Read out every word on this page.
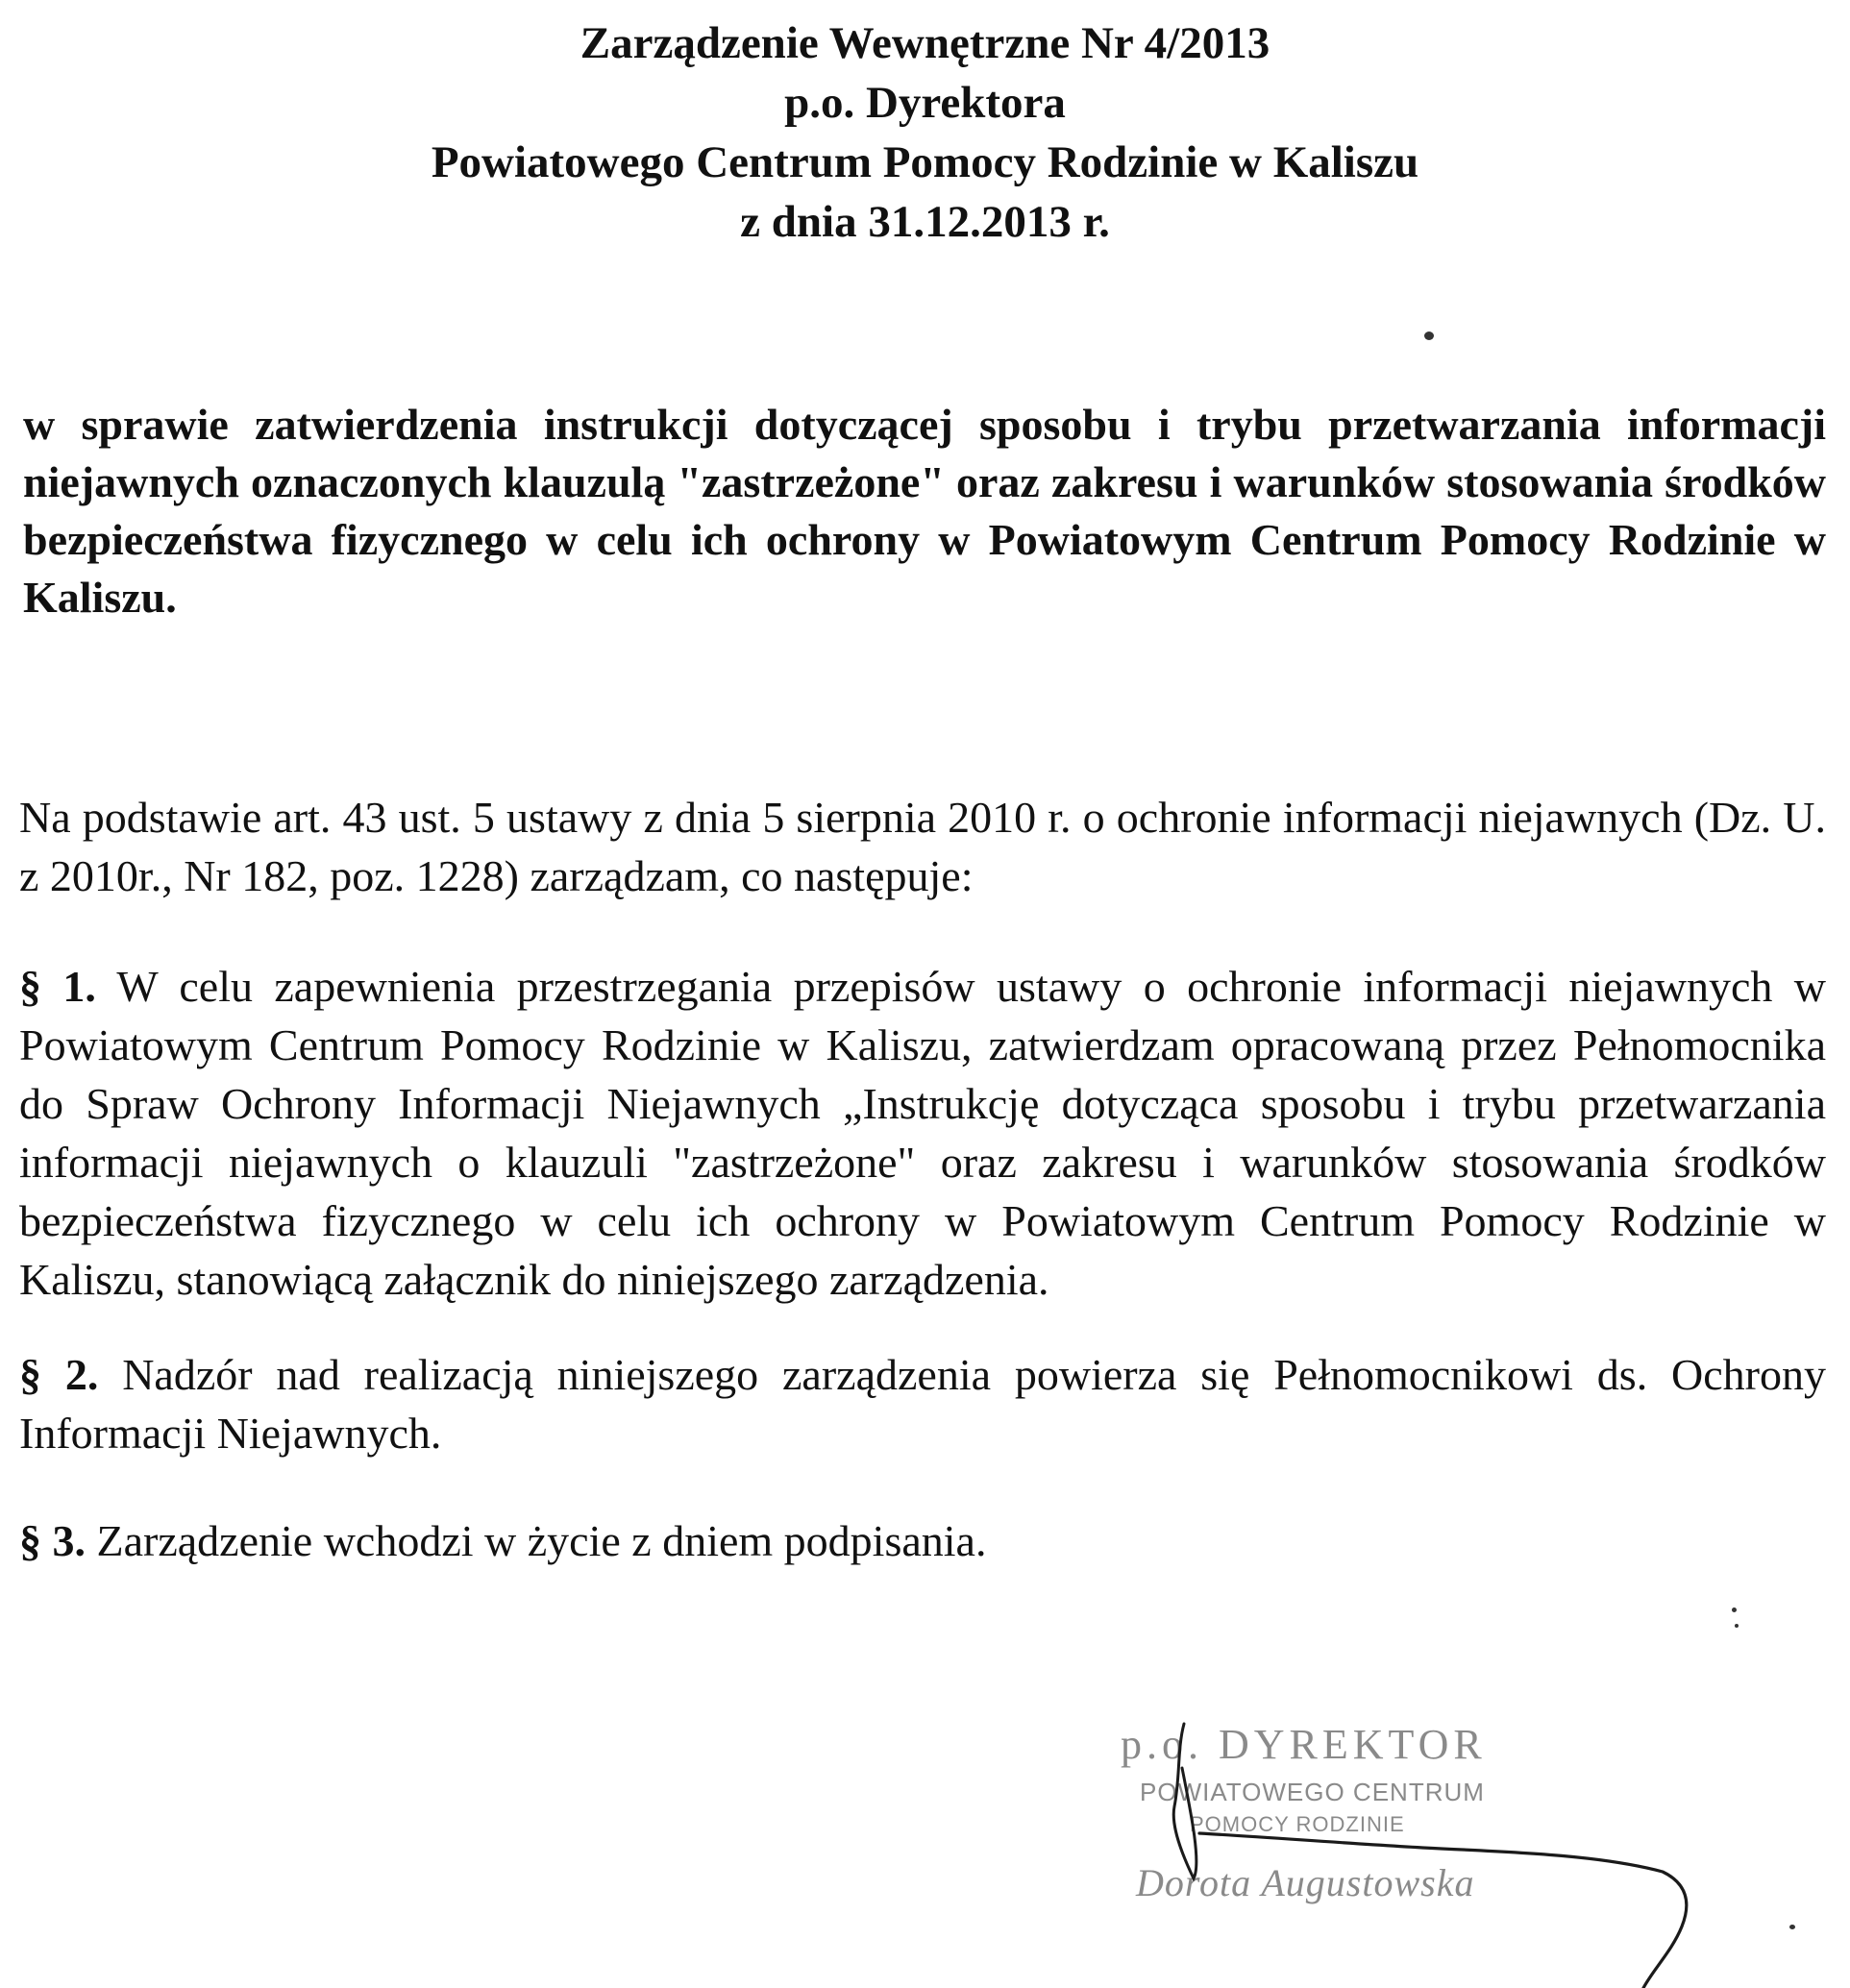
Zarządzenie Wewnętrzne Nr 4/2013
p.o. Dyrektora
Powiatowego Centrum Pomocy Rodzinie w Kaliszu
z dnia 31.12.2013 r.
w sprawie zatwierdzenia instrukcji dotyczącej sposobu i trybu przetwarzania informacji niejawnych oznaczonych klauzulą "zastrzeżone" oraz zakresu i warunków stosowania środków bezpieczeństwa fizycznego w celu ich ochrony w Powiatowym Centrum Pomocy Rodzinie w Kaliszu.
Na podstawie art. 43 ust. 5 ustawy z dnia 5 sierpnia 2010 r. o ochronie informacji niejawnych (Dz. U. z 2010r., Nr 182, poz. 1228) zarządzam, co następuje:
§ 1. W celu zapewnienia przestrzegania przepisów ustawy o ochronie informacji niejawnych w Powiatowym Centrum Pomocy Rodzinie w Kaliszu, zatwierdzam opracowaną przez Pełnomocnika do Spraw Ochrony Informacji Niejawnych „Instrukcję dotycząca sposobu i trybu przetwarzania informacji niejawnych o klauzuli "zastrzeżone" oraz zakresu i warunków stosowania środków bezpieczeństwa fizycznego w celu ich ochrony w Powiatowym Centrum Pomocy Rodzinie w Kaliszu, stanowiącą załącznik do niniejszego zarządzenia.
§ 2. Nadzór nad realizacją niniejszego zarządzenia powierza się Pełnomocnikowi ds. Ochrony Informacji Niejawnych.
§ 3. Zarządzenie wchodzi w życie z dniem podpisania.
p.o. DYREKTOR
POWIATOWEGO CENTRUM
POMOCY RODZINIE
Dorota Augustowska
